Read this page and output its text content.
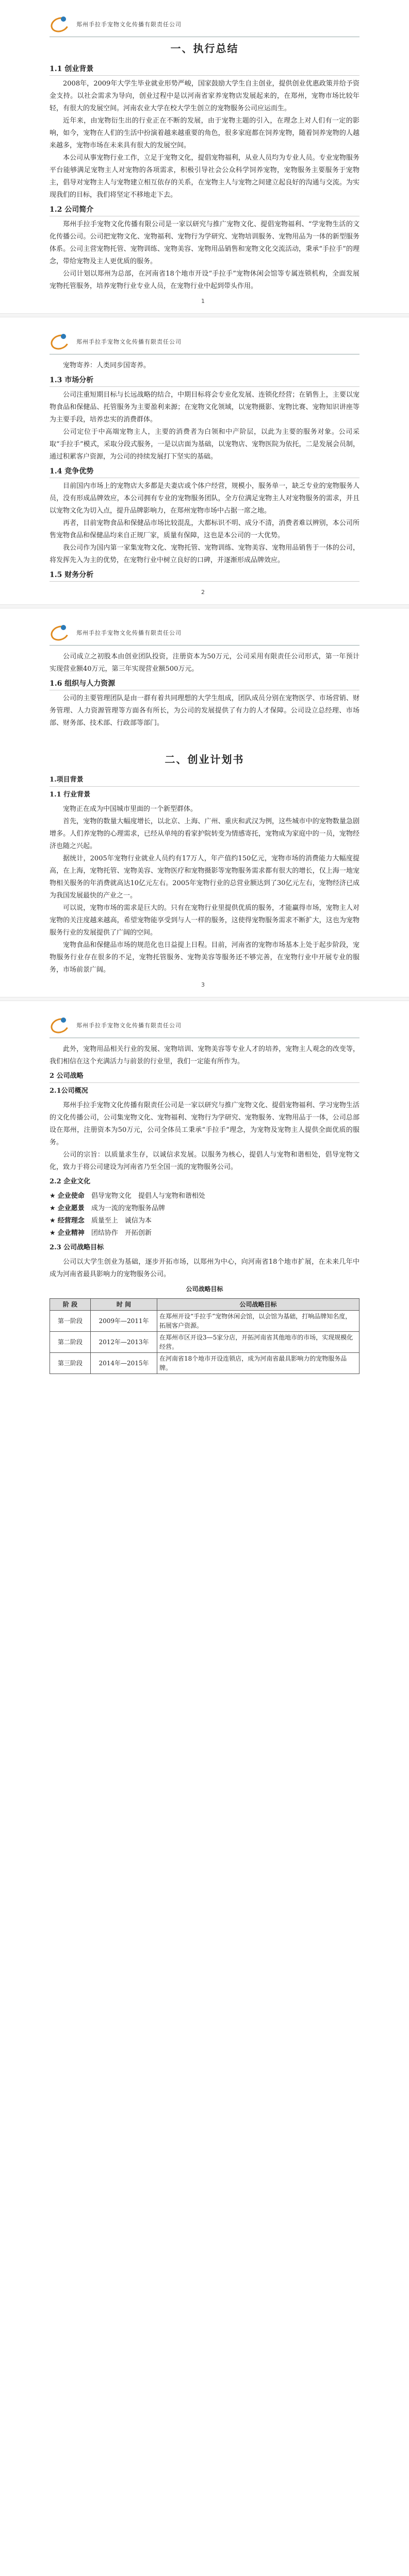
郑州手拉手宠物文化传播有限责任公司
一、执行总结
1.1 创业背景

2008年，2009年大学生毕业就业形势严峻，国家鼓励大学生自主创业，提供创业优惠政策并给予资金支持。以社会需求为导向，创业过程中是以河南省家养宠物店发展起来的，在郑州，宠物市场比较年轻，有很大的发展空间。河南农业大学在校大学生创立的宠物服务公司应运而生。

近年来，由宠物衍生出的行业正在不断的发展，由于宠物主题的引入，在理念上对人们有一定的影响，如今，宠物在人们的生活中扮演着越来越重要的角色，很多家庭都在饲养宠物，随着饲养宠物的人越来越多，宠物市场在未来具有很大的发展空间。

本公司从事宠物行业工作，立足于宠物文化，提倡宠物福利，从业人员均为专业人员。专业宠物服务平台能够满足宠物主人对宠物的各项需求，积极引导社会公众科学饲养宠物，宠物服务主要服务于宠物主，倡导对宠物主人与宠物建立相互依存的关系，在宠物主人与宠物之间建立起良好的沟通与交流。为实现我们的目标，我们将坚定不移地走下去。

1.2 公司简介

郑州手拉手宠物文化传播有限公司是一家以研究与推广宠物文化、提倡宠物福利、“学宠物生活的文化传播公司。公司把宠物文化、宠物福利、宠物行为学研究、宠物培训服务、宠物用品为一体的新型服务体系。公司主营宠物托管、宠物训练、宠物美容、宠物用品销售和宠物文化交流活动，秉承“手拉手”的理念，带给宠物及主人更优质的服务。

公司计划以郑州为总部，在河南省18个地市开设“手拉手”宠物休闲会馆等专属连锁机构，全面发展宠物托管服务，培养宠物行业专业人员，在宠物行业中起到带头作用。

1
郑州手拉手宠物文化传播有限责任公司

宠物寄养：人类同步国寄养。

1.3 市场分析

公司注重短期目标与长远战略的结合，中期目标将会专业化发展、连锁化经营；在销售上，主要以宠物食品和保健品、托管服务为主要盈利来源；在宠物文化领域，以宠物摄影、宠物比赛、宠物知识讲座等为主要手段，培养忠实的消费群体。

公司定位于中高端宠物主人，主要的消费者为白领和中产阶层，以此为主要的服务对象。公司采取“手拉手”模式，采取分段式服务，一是以店面为基础，以宠物店、宠物医院为依托，二是发展会员制，通过积累客户资源，为公司的持续发展打下坚实的基础。

1.4 竞争优势

目前国内市场上的宠物店大多都是夫妻店或个体户经营，规模小，服务单一，缺乏专业的宠物服务人员，没有形成品牌效应，本公司拥有专业的宠物服务团队，全方位满足宠物主人对宠物服务的需求，并且以宠物文化为切入点，提升品牌影响力，在郑州宠物市场中占据一席之地。

再者，目前宠物食品和保健品市场比较混乱，大都标识不明、成分不清，消费者难以辨别，本公司所售宠物食品和保健品均来自正规厂家，质量有保障，这也是本公司的一大优势。

我公司作为国内第一家集宠物文化、宠物托管、宠物训练、宠物美容、宠物用品销售于一体的公司，将发挥先入为主的优势，在宠物行业中树立良好的口碑，并逐渐形成品牌效应。

1.5 财务分析
2
郑州手拉手宠物文化传播有限责任公司

公司成立之初股本由创业团队投资，注册资本为50万元，公司采用有限责任公司形式，第一年预计实现营业额40万元，第三年实现营业额500万元。

1.6 组织与人力资源

公司的主要管理团队是由一群有着共同理想的大学生组成，团队成员分别在宠物医学、市场营销、财务管理、人力资源管理等方面各有所长，为公司的发展提供了有力的人才保障。公司设立总经理、市场部、财务部、技术部、行政部等部门。

二、创业计划书
1.项目背景
1.1 行业背景

宠物正在成为中国城市里面的一个新型群体。

首先，宠物的数量大幅度增长，以北京、上海、广州、重庆和武汉为例，这些城市中的宠物数量急剧增多。人们养宠物的心理需求，已经从单纯的看家护院转变为情感寄托，宠物成为家庭中的一员，宠物经济也随之兴起。

据统计，2005年宠物行业就业人员约有17万人，年产值约150亿元，宠物市场的消费能力大幅度提高，在上海，宠物托管、宠物美容、宠物医疗和宠物摄影等宠物服务需求都有很大的增长，仅上海一地宠物相关服务的年消费就高达10亿元左右。2005年宠物行业的总营业额达到了30亿元左右，宠物经济已成为我国发展最快的产业之一。

可以说，宠物市场的需求是巨大的。只有在宠物行业里提供优质的服务，才能赢得市场，宠物主人对宠物的关注度越来越高，希望宠物能享受到与人一样的服务，这使得宠物服务需求不断扩大，这也为宠物服务行业的发展提供了广阔的空间。

宠物食品和保健品市场的规范化也日益提上日程。目前，河南省的宠物市场基本上处于起步阶段，宠物服务行业存在很多的不足，宠物托管服务、宠物美容等服务还不够完善，在宠物行业中开展专业的服务，市场前景广阔。

3
郑州手拉手宠物文化传播有限责任公司

此外，宠物用品相关行业的发展、宠物培训、宠物美容等专业人才的培养，宠物主人观念的改变等，我们相信在这个充满活力与前景的行业里，我们一定能有所作为。

2 公司战略
2.1公司概况

郑州手拉手宠物文化传播有限责任公司是一家以研究与推广宠物文化、提倡宠物福利、学习宠物生活的文化传播公司，公司集宠物文化、宠物福利、宠物行为学研究、宠物服务、宠物用品于一体，公司总部设在郑州，注册资本为50万元，公司全体员工秉承“手拉手”理念，为宠物及宠物主人提供全面优质的服务。

公司的宗旨：以质量求生存，以诚信求发展。以服务为核心，提倡人与宠物和谐相处，倡导宠物文化，致力于将公司建设为河南省乃至全国一流的宠物服务公司。

2.2 企业文化

★ 企业使命　 倡导宠物文化　提倡人与宠物和谐相处

★ 企业愿景　 成为一流的宠物服务品牌

★ 经营理念　 质量至上　诚信为本

★ 企业精神　 团结协作　开拓创新

2.3 公司战略目标

公司以大学生创业为基础，逐步开拓市场，以郑州为中心，向河南省18个地市扩展，在未来几年中成为河南省最具影响力的宠物服务公司。

公司战略目标
阶 段	时 间	公司战略目标
第一阶段	2009年—2011年	在郑州开设“手拉手”宠物休闲会馆，以会馆为基础，打响品牌知名度，拓展客户资源。
第二阶段	2012年—2013年	在郑州市区开设3—5家分店，开拓河南省其他地市的市场，实现规模化经营。
第三阶段	2014年—2015年	在河南省18个地市开设连锁店，成为河南省最具影响力的宠物服务品牌。
